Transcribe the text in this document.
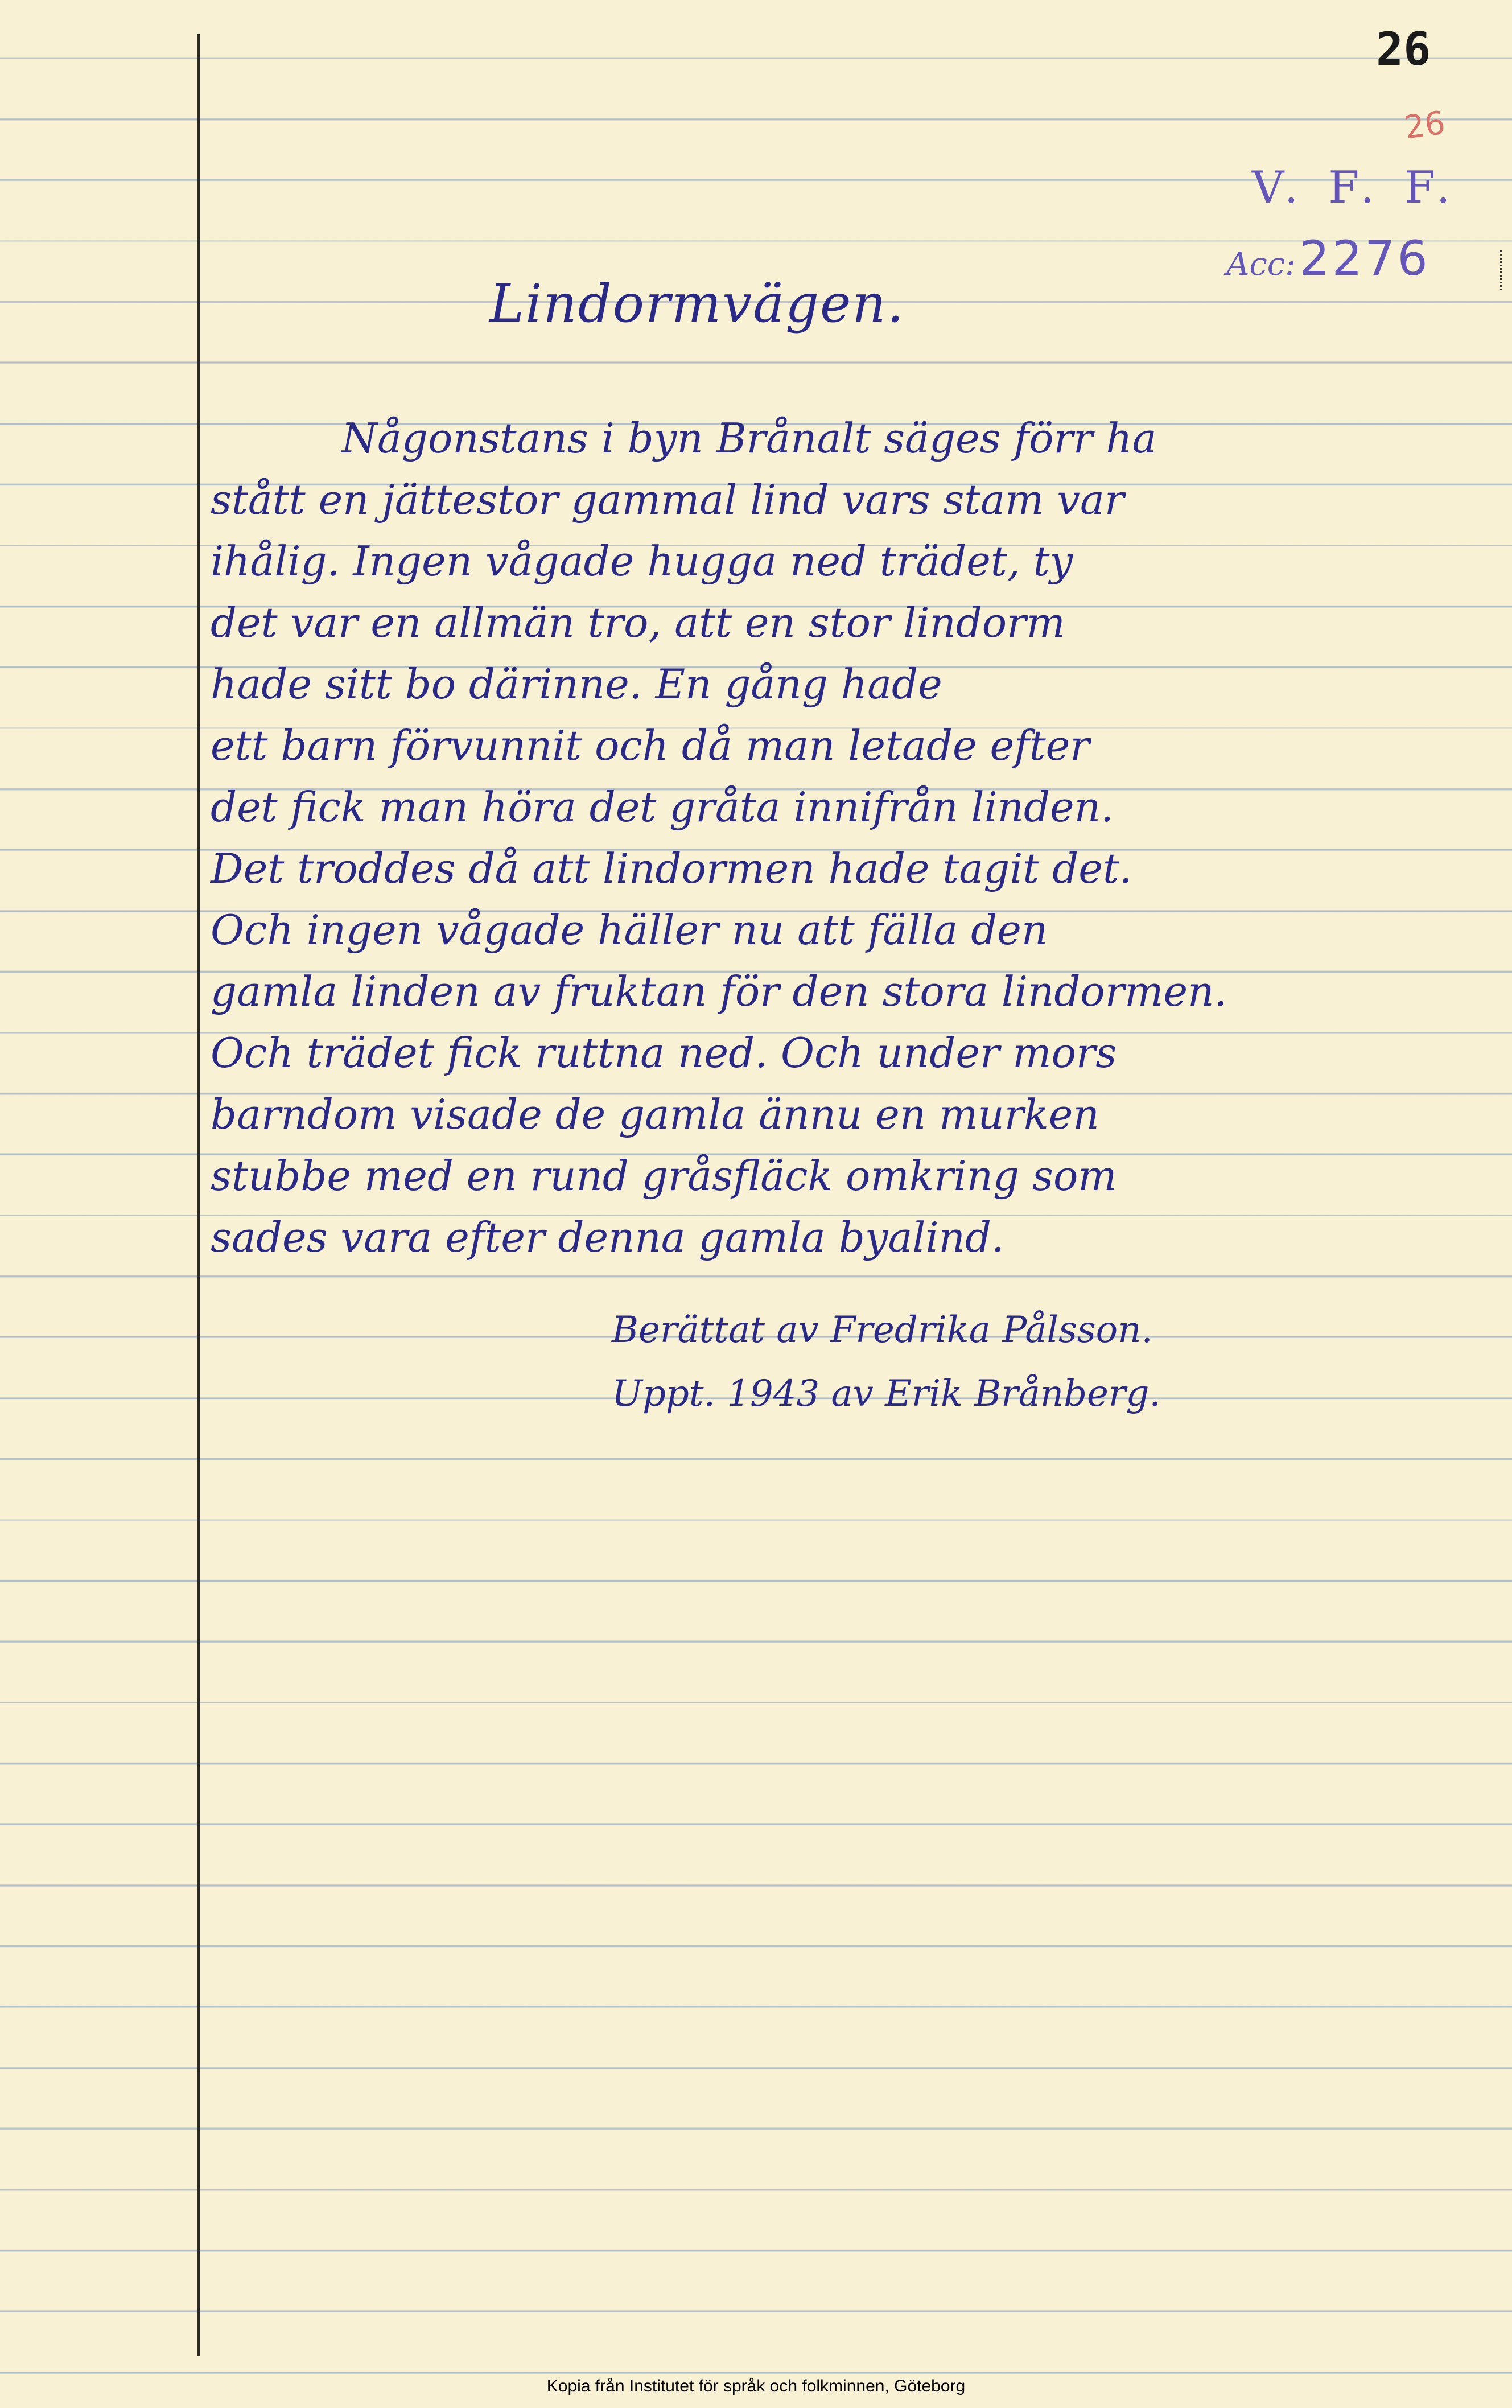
26
26
V. F. F.
Acc: 2276
Lindormvägen.
Någonstans i byn Brånalt säges förr ha
stått en jättestor gammal lind vars stam var
ihålig. Ingen vågade hugga ned trädet, ty
det var en allmän tro, att en stor lindorm
hade sitt bo därinne. En gång hade
ett barn förvunnit och då man letade efter
det fick man höra det gråta innifrån linden.
Det troddes då att lindormen hade tagit det.
Och ingen vågade häller nu att fälla den
gamla linden av fruktan för den stora lindormen.
Och trädet fick ruttna ned. Och under mors
barndom visade de gamla ännu en murken
stubbe med en rund gråsfläck omkring som
sades vara efter denna gamla byalind.
Berättat av Fredrika Pålsson.
Uppt. 1943 av Erik Brånberg.
Kopia från Institutet för språk och folkminnen, Göteborg
